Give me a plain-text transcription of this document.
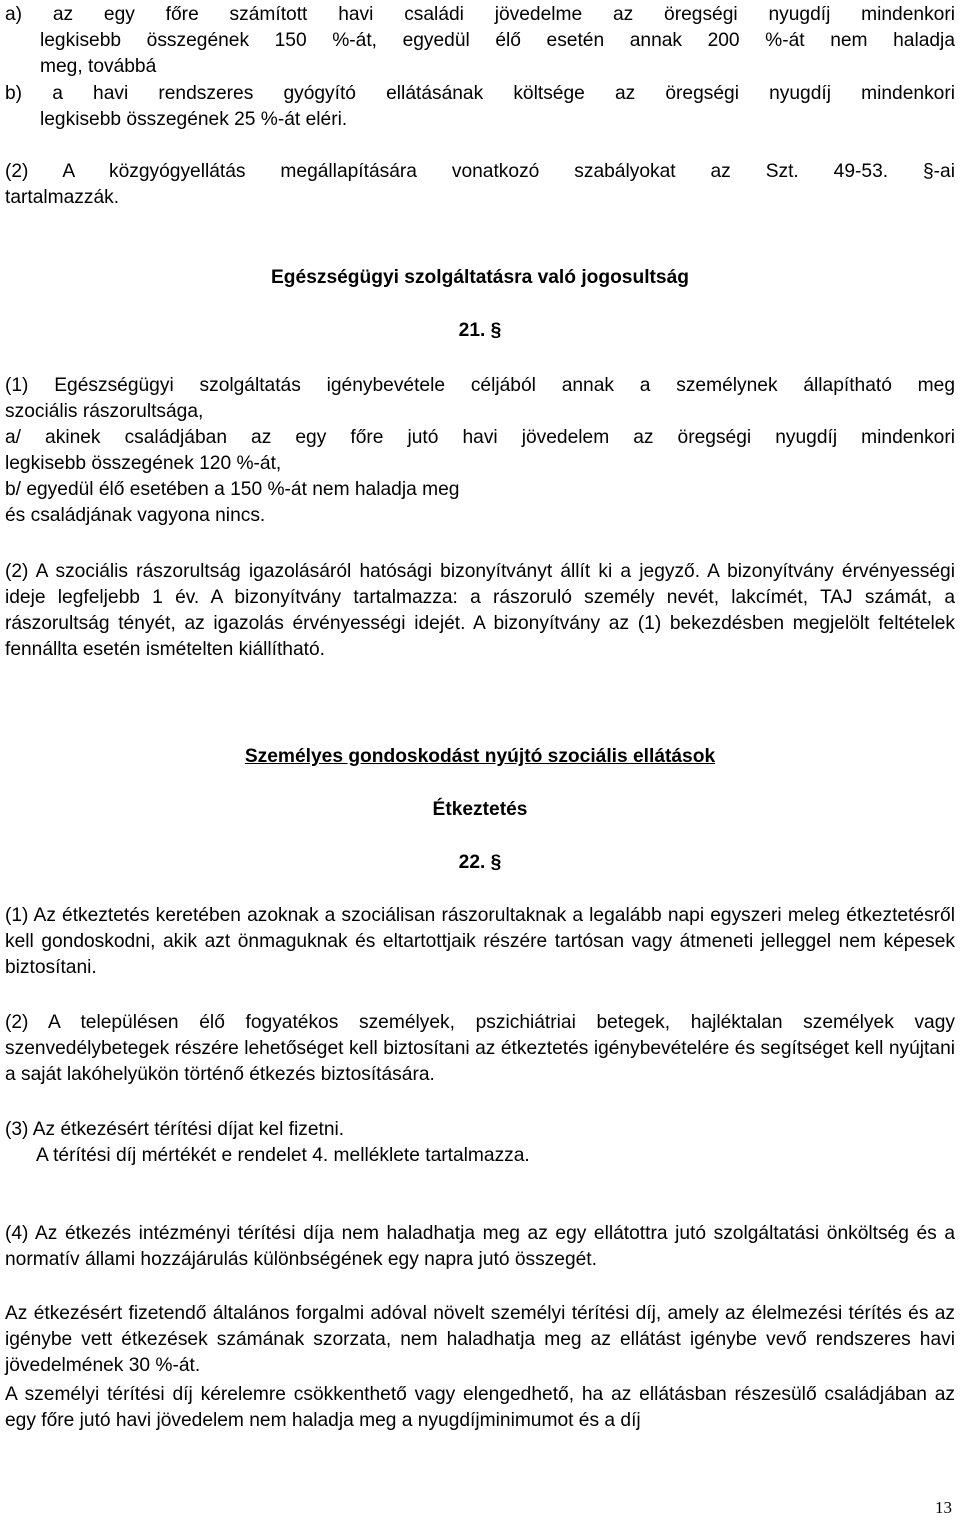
a) az egy főre számított havi családi jövedelme az öregségi nyugdíj mindenkori
legkisebb összegének 150 %-át, egyedül élő esetén annak 200 %-át nem haladja
meg, továbbá
b) a havi rendszeres gyógyító ellátásának költsége az öregségi nyugdíj mindenkori
legkisebb összegének 25 %-át eléri.
(2) A közgyógyellátás megállapítására vonatkozó szabályokat az Szt. 49-53. §-ai
tartalmazzák.
Egészségügyi szolgáltatásra való jogosultság
21. §
(1) Egészségügyi szolgáltatás igénybevétele céljából annak a személynek állapítható meg
szociális rászorultsága,
a/ akinek családjában az egy főre jutó havi jövedelem az öregségi nyugdíj mindenkori
legkisebb összegének 120 %-át,
b/ egyedül élő esetében a 150 %-át nem haladja meg
és családjának vagyona nincs.
(2) A szociális rászorultság igazolásáról hatósági bizonyítványt állít ki a jegyző. A bizonyítvány érvényességi ideje legfeljebb 1 év. A bizonyítvány tartalmazza: a rászoruló személy nevét, lakcímét, TAJ számát, a rászorultság tényét, az igazolás érvényességi idejét. A bizonyítvány az (1) bekezdésben megjelölt feltételek fennállta esetén ismételten kiállítható.
Személyes gondoskodást nyújtó szociális ellátások
Étkeztetés
22. §
(1) Az étkeztetés keretében azoknak a szociálisan rászorultaknak a legalább napi egyszeri meleg étkeztetésről kell gondoskodni, akik azt önmaguknak és eltartottjaik részére tartósan vagy átmeneti jelleggel nem képesek biztosítani.
(2) A településen élő fogyatékos személyek, pszichiátriai betegek, hajléktalan személyek vagy szenvedélybetegek részére lehetőséget kell biztosítani az étkeztetés igénybevételére és segítséget kell nyújtani a saját lakóhelyükön történő étkezés biztosítására.
(3) Az étkezésért térítési díjat kel fizetni.
A térítési díj mértékét e rendelet 4. melléklete tartalmazza.
(4) Az étkezés intézményi térítési díja nem haladhatja meg az egy ellátottra jutó szolgáltatási önköltség és a normatív állami hozzájárulás különbségének egy napra jutó összegét.
Az étkezésért fizetendő általános forgalmi adóval növelt személyi térítési díj, amely az élelmezési térítés és az igénybe vett étkezések számának szorzata, nem haladhatja meg az ellátást igénybe vevő rendszeres havi jövedelmének 30 %-át.
A személyi térítési díj kérelemre csökkenthető vagy elengedhető, ha az ellátásban részesülő családjában az egy főre jutó havi jövedelem nem haladja meg a nyugdíjminimumot és a díj
13
